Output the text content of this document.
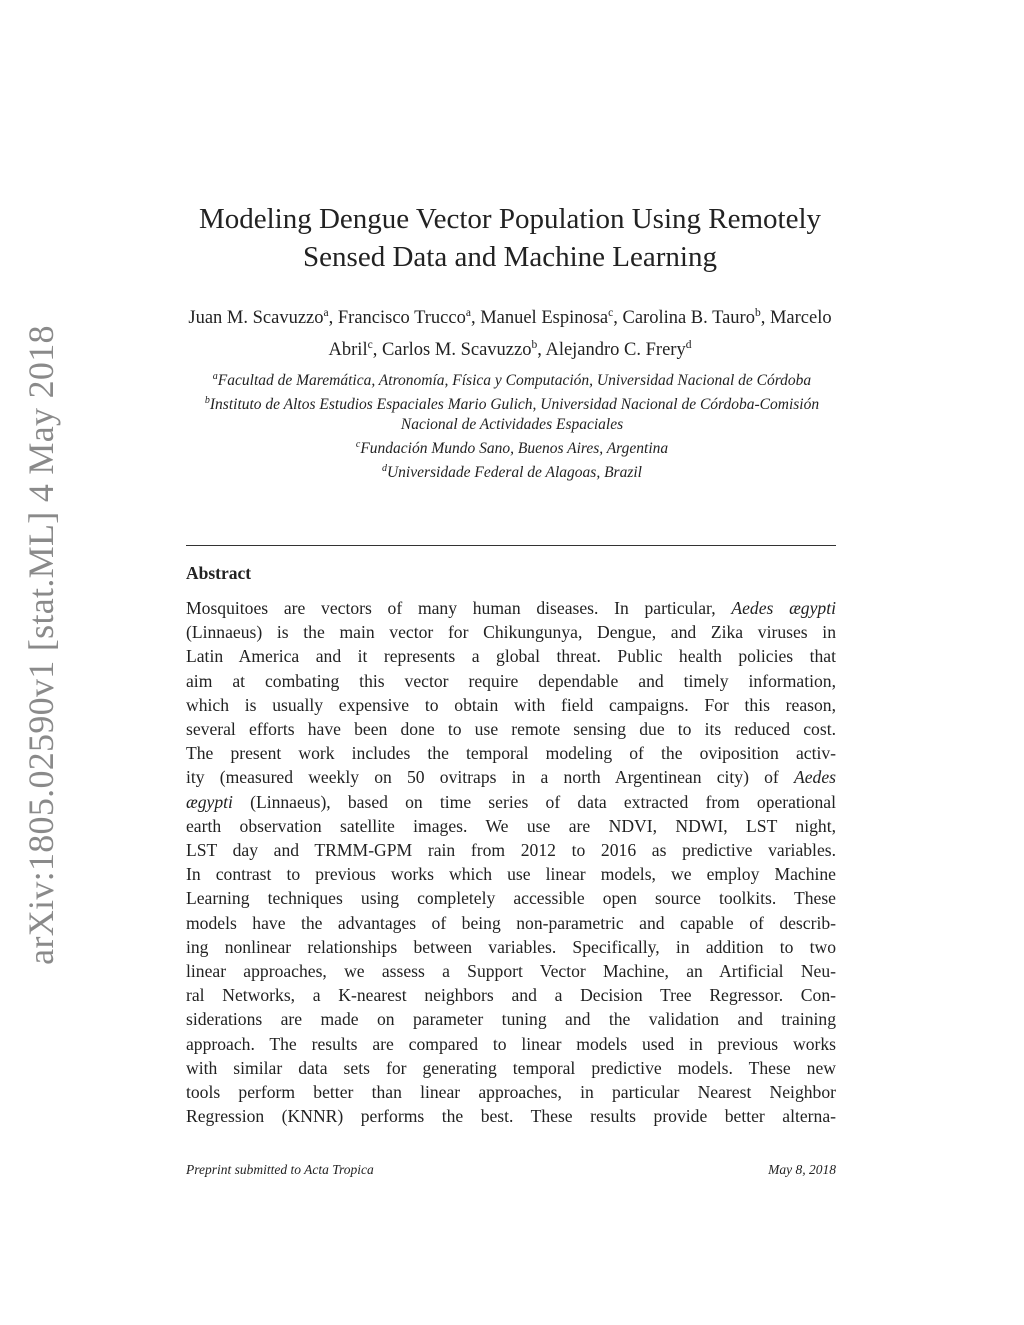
arXiv:1805.02590v1 [stat.ML] 4 May 2018
Modeling Dengue Vector Population Using Remotely
Sensed Data and Machine Learning
Juan M. Scavuzzo$^a$, Francisco Trucco$^a$, Manuel Espinosa$^c$, Carolina B. Tauro$^b$, Marcelo Abril$^c$, Carlos M. Scavuzzo$^b$, Alejandro C. Frery$^d$
$^a$Facultad de Maremática, Atronomía, Física y Computación, Universidad Nacional de Córdoba
$^b$Instituto de Altos Estudios Espaciales Mario Gulich, Universidad Nacional de Córdoba-Comisión Nacional de Actividades Espaciales
$^c$Fundación Mundo Sano, Buenos Aires, Argentina
$^d$Universidade Federal de Alagoas, Brazil
Abstract
Mosquitoes are vectors of many human diseases. In particular, Aedes ægypti
(Linnaeus) is the main vector for Chikungunya, Dengue, and Zika viruses in
Latin America and it represents a global threat. Public health policies that
aim at combating this vector require dependable and timely information,
which is usually expensive to obtain with field campaigns. For this reason,
several efforts have been done to use remote sensing due to its reduced cost.
The present work includes the temporal modeling of the oviposition activ-
ity (measured weekly on 50 ovitraps in a north Argentinean city) of Aedes
ægypti (Linnaeus), based on time series of data extracted from operational
earth observation satellite images. We use are NDVI, NDWI, LST night,
LST day and TRMM-GPM rain from 2012 to 2016 as predictive variables.
In contrast to previous works which use linear models, we employ Machine
Learning techniques using completely accessible open source toolkits. These
models have the advantages of being non-parametric and capable of describ-
ing nonlinear relationships between variables. Specifically, in addition to two
linear approaches, we assess a Support Vector Machine, an Artificial Neu-
ral Networks, a K-nearest neighbors and a Decision Tree Regressor. Con-
siderations are made on parameter tuning and the validation and training
approach. The results are compared to linear models used in previous works
with similar data sets for generating temporal predictive models. These new
tools perform better than linear approaches, in particular Nearest Neighbor
Regression (KNNR) performs the best. These results provide better alterna-
Preprint submitted to Acta Tropica	May 8, 2018
